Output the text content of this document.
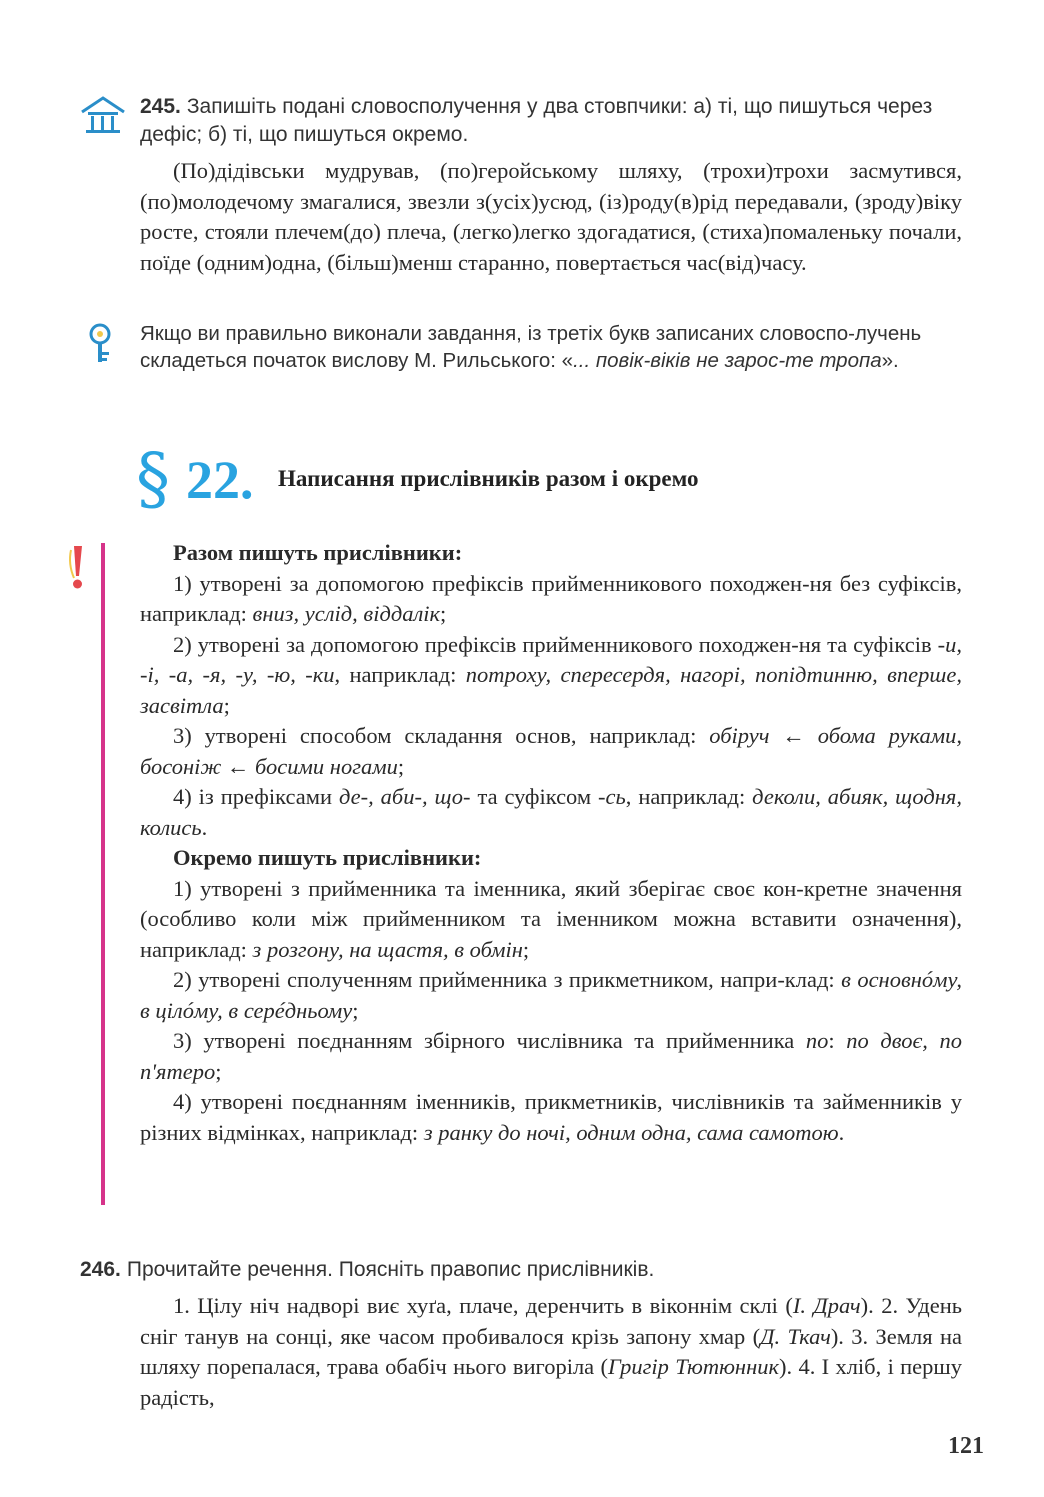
245. Запишіть подані словосполучення у два стовпчики: а) ті, що пишуться через дефіс; б) ті, що пишуться окремо.

(По)дідівськи мудрував, (по)геройському шляху, (трохи)трохи засмутився, (по)молодечому змагалися, звезли з(усіх)усюд, (із)роду(в)рід передавали, (зроду)віку росте, стояли плечем(до) плеча, (легко)легко здогадатися, (стиха)помаленьку почали, поїде (одним)одна, (більш)менш старанно, повертається час(від)часу.

Якщо ви правильно виконали завдання, із третіх букв записаних словоспо-лучень складеться початок вислову М. Рильського: «... повік-віків не зарос-те тропа».
§ 22. Написання прислівників разом і окремо

Разом пишуть прислівники:

1) утворені за допомогою префіксів прийменникового походжен-ня без суфіксів, наприклад: вниз, услід, віддалік;

2) утворені за допомогою префіксів прийменникового походжен-ня та суфіксів -и, -і, -а, -я, -у, -ю, -ки, наприклад: потроху, спересердя, нагорі, попідтинню, вперше, засвітла;

3) утворені способом складання основ, наприклад: обіруч ← обома руками, босоніж ← босими ногами;

4) із префіксами де-, аби-, що- та суфіксом -сь, наприклад: деколи, абияк, щодня, колись.

Окремо пишуть прислівники:

1) утворені з прийменника та іменника, який зберігає своє кон-кретне значення (особливо коли між прийменником та іменником можна вставити означення), наприклад: з розгону, на щастя, в обмін;

2) утворені сполученням прийменника з прикметником, напри-клад: в основнóму, в цілóму, в серéдньому;

3) утворені поєднанням збірного числівника та прийменника по: по двоє, по п'ятеро;

4) утворені поєднанням іменників, прикметників, числівників та займенників у різних відмінках, наприклад: з ранку до ночі, одним одна, сама самотою.

246. Прочитайте речення. Поясніть правопис прислівників.

1. Цілу ніч надворі виє хуґа, плаче, деренчить в віконнім склі (І. Драч). 2. Удень сніг танув на сонці, яке часом пробивалося крізь запону хмар (Д. Ткач). 3. Земля на шляху порепалася, трава обабіч нього вигоріла (Григір Тютюнник). 4. І хліб, і першу радість,

121
